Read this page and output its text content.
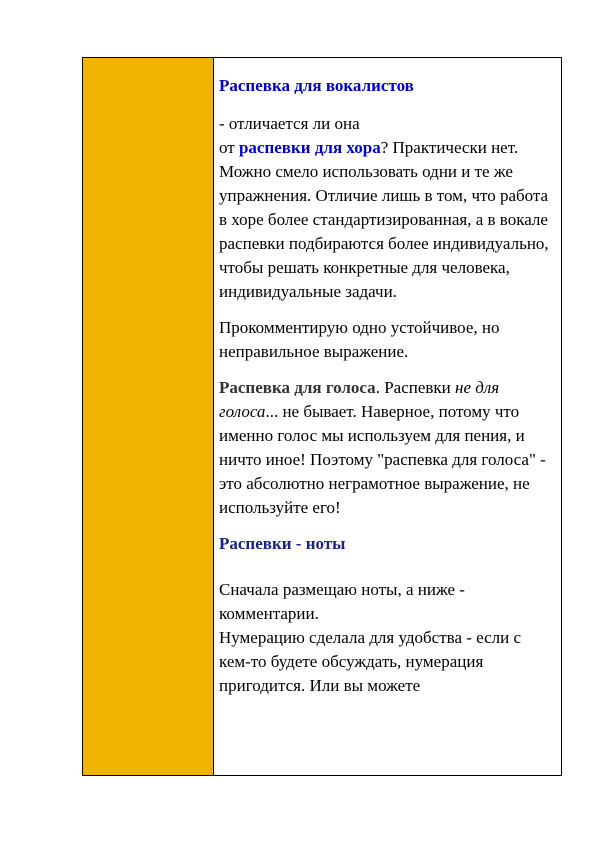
Распевка для вокалистов

- отличается ли она
от распевки для хора? Практически нет. Можно смело использовать одни и те же упражнения. Отличие лишь в том, что работа в хоре более стандартизированная, а в вокале распевки подбираются более индивидуально, чтобы решать конкретные для человека, индивидуальные задачи.

Прокомментирую одно устойчивое, но неправильное выражение.

Распевка для голоса. Распевки не для голоса... не бывает. Наверное, потому что именно голос мы используем для пения, и ничто иное! Поэтому "распевка для голоса" - это абсолютно неграмотное выражение, не используйте его!

Распевки - ноты

Сначала размещаю ноты, а ниже - комментарии.

Нумерацию сделала для удобства - если с кем-то будете обсуждать, нумерация пригодится. Или вы можете
